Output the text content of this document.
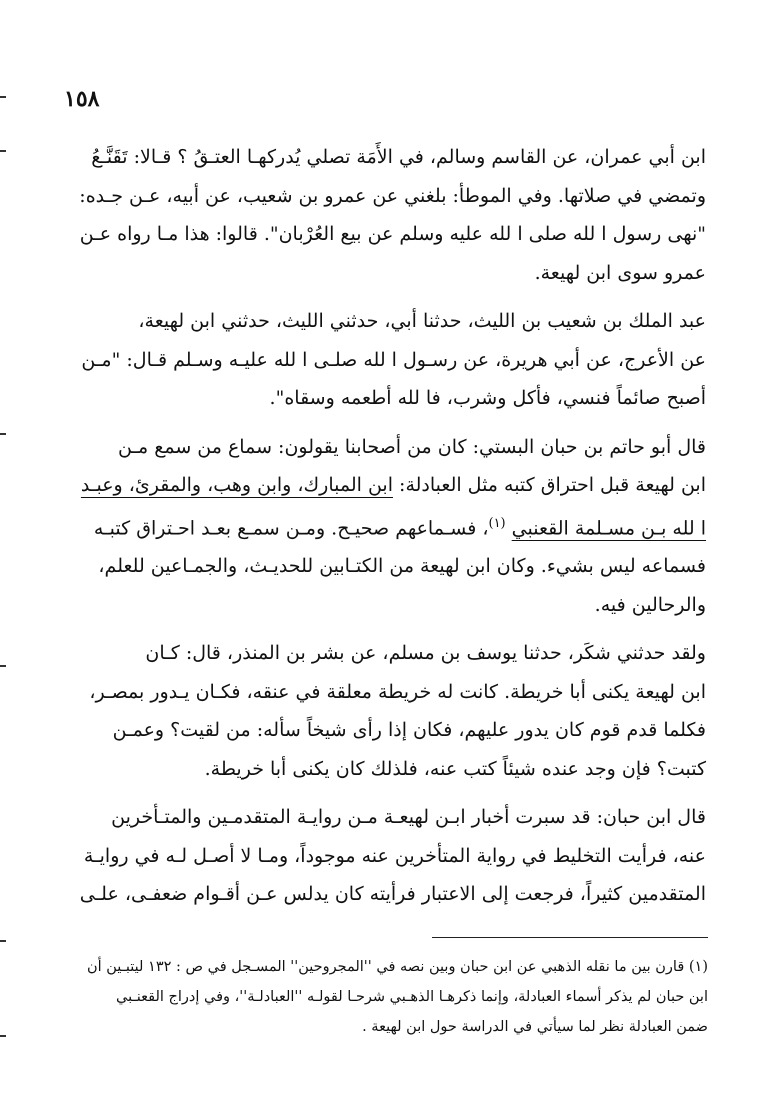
١٥٨

ابن أبي عمران، عن القاسم وسالم، في الأَمَة تصلي يُدركهـا العتـقُ ؟ قـالا: تَقَنَّـعُ
وتمضي في صلاتها. وفي الموطأ: بلغني عن عمرو بن شعيب، عن أبيه، عـن جـده:
"نهى رسول ا لله صلى ا لله عليه وسلم عن بيع العُرْبان". قالوا: هذا مـا رواه عـن
عمرو سوى ابن لهيعة.

عبد الملك بن شعيب بن الليث، حدثنا أبي، حدثني الليث، حدثني ابن لهيعة،
عن الأعرج، عن أبي هريرة، عن رسـول ا لله صلـى ا لله عليـه وسـلم قـال: "مـن
أصبح صائماً فنسي، فأكل وشرب، فا لله أطعمه وسقاه".

قال أبو حاتم بن حبان البستي: كان من أصحابنا يقولون: سماع من سمع مـن
ابن لهيعة قبل احتراق كتبه مثل العبادلة: ابن المبارك، وابن وهب، والمقرئ، وعبـد
ا لله بـن مسـلمة القعنبي $^{(١)}$، فسـماعهم صحيـح. ومـن سمـع بعـد احـتراق كتبـه
فسماعه ليس بشيء. وكان ابن لهيعة من الكتـابين للحديـث، والجمـاعين للعلم،
والرحالين فيه.

ولقد حدثني شكَر، حدثنا يوسف بن مسلم، عن بشر بن المنذر، قال: كـان
ابن لهيعة يكنى أبا خريطة. كانت له خريطة معلقة في عنقه، فكـان يـدور بمصـر،
فكلما قدم قوم كان يدور عليهم، فكان إذا رأى شيخاً سأله: من لقيت؟ وعمـن
كتبت؟ فإن وجد عنده شيئاً كتب عنه، فلذلك كان يكنى أبا خريطة.

قال ابن حبان: قد سبرت أخبار ابـن لهيعـة مـن روايـة المتقدمـين والمتـأخرين
عنه، فرأيت التخليط في رواية المتأخرين عنه موجوداً، ومـا لا أصـل لـه في روايـة
المتقدمين كثيراً، فرجعت إلى الاعتبار فرأيته كان يدلس عـن أقـوام ضعفـى، علـى

(١) قارن بين ما نقله الذهبي عن ابن حبان وبين نصه في ''المجروحين'' المسـجل في ص : ١٣٢ ليتبـين أن
ابن حبان لم يذكر أسماء العبادلة، وإنما ذكرهـا الذهـبي شرحـا لقولـه ''العبادلـة''، وفي إدراج القعنـبي
ضمن العبادلة نظر لما سيأتي في الدراسة حول ابن لهيعة .
